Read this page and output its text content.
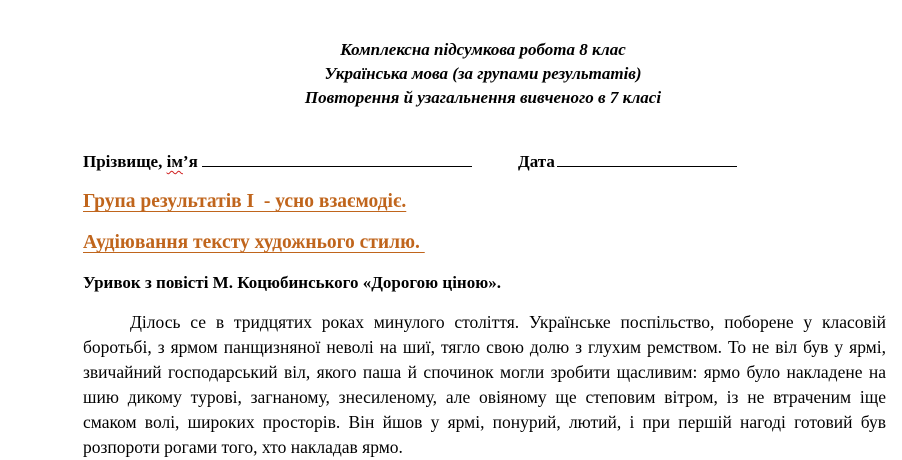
Комплексна підсумкова робота 8 клас
Українська мова (за групами результатів)
Повторення й узагальнення вивченого в 7 класі
Прізвище, ім’я	Дата
Група результатів І  - усно взаємодіє.
Аудіювання тексту художнього стилю.
Уривок з повісті М. Коцюбинського «Дорогою ціною».
Ділось се в тридцятих роках минулого століття. Українське поспільство, поборене у класовій боротьбі, з ярмом панщизняної неволі на шиї, тягло свою долю з глухим ремством. То не віл був у ярмі, звичайний господарський віл, якого паша й спочинок могли зробити щасливим: ярмо було накладене на шию дикому турові, загнаному, знесиленому, але овіяному ще степовим вітром, із не втраченим іще смаком волі, широких просторів. Він йшов у ярмі, понурий, лютий, і при першій нагоді готовий був розпороти рогами того, хто накладав ярмо.
